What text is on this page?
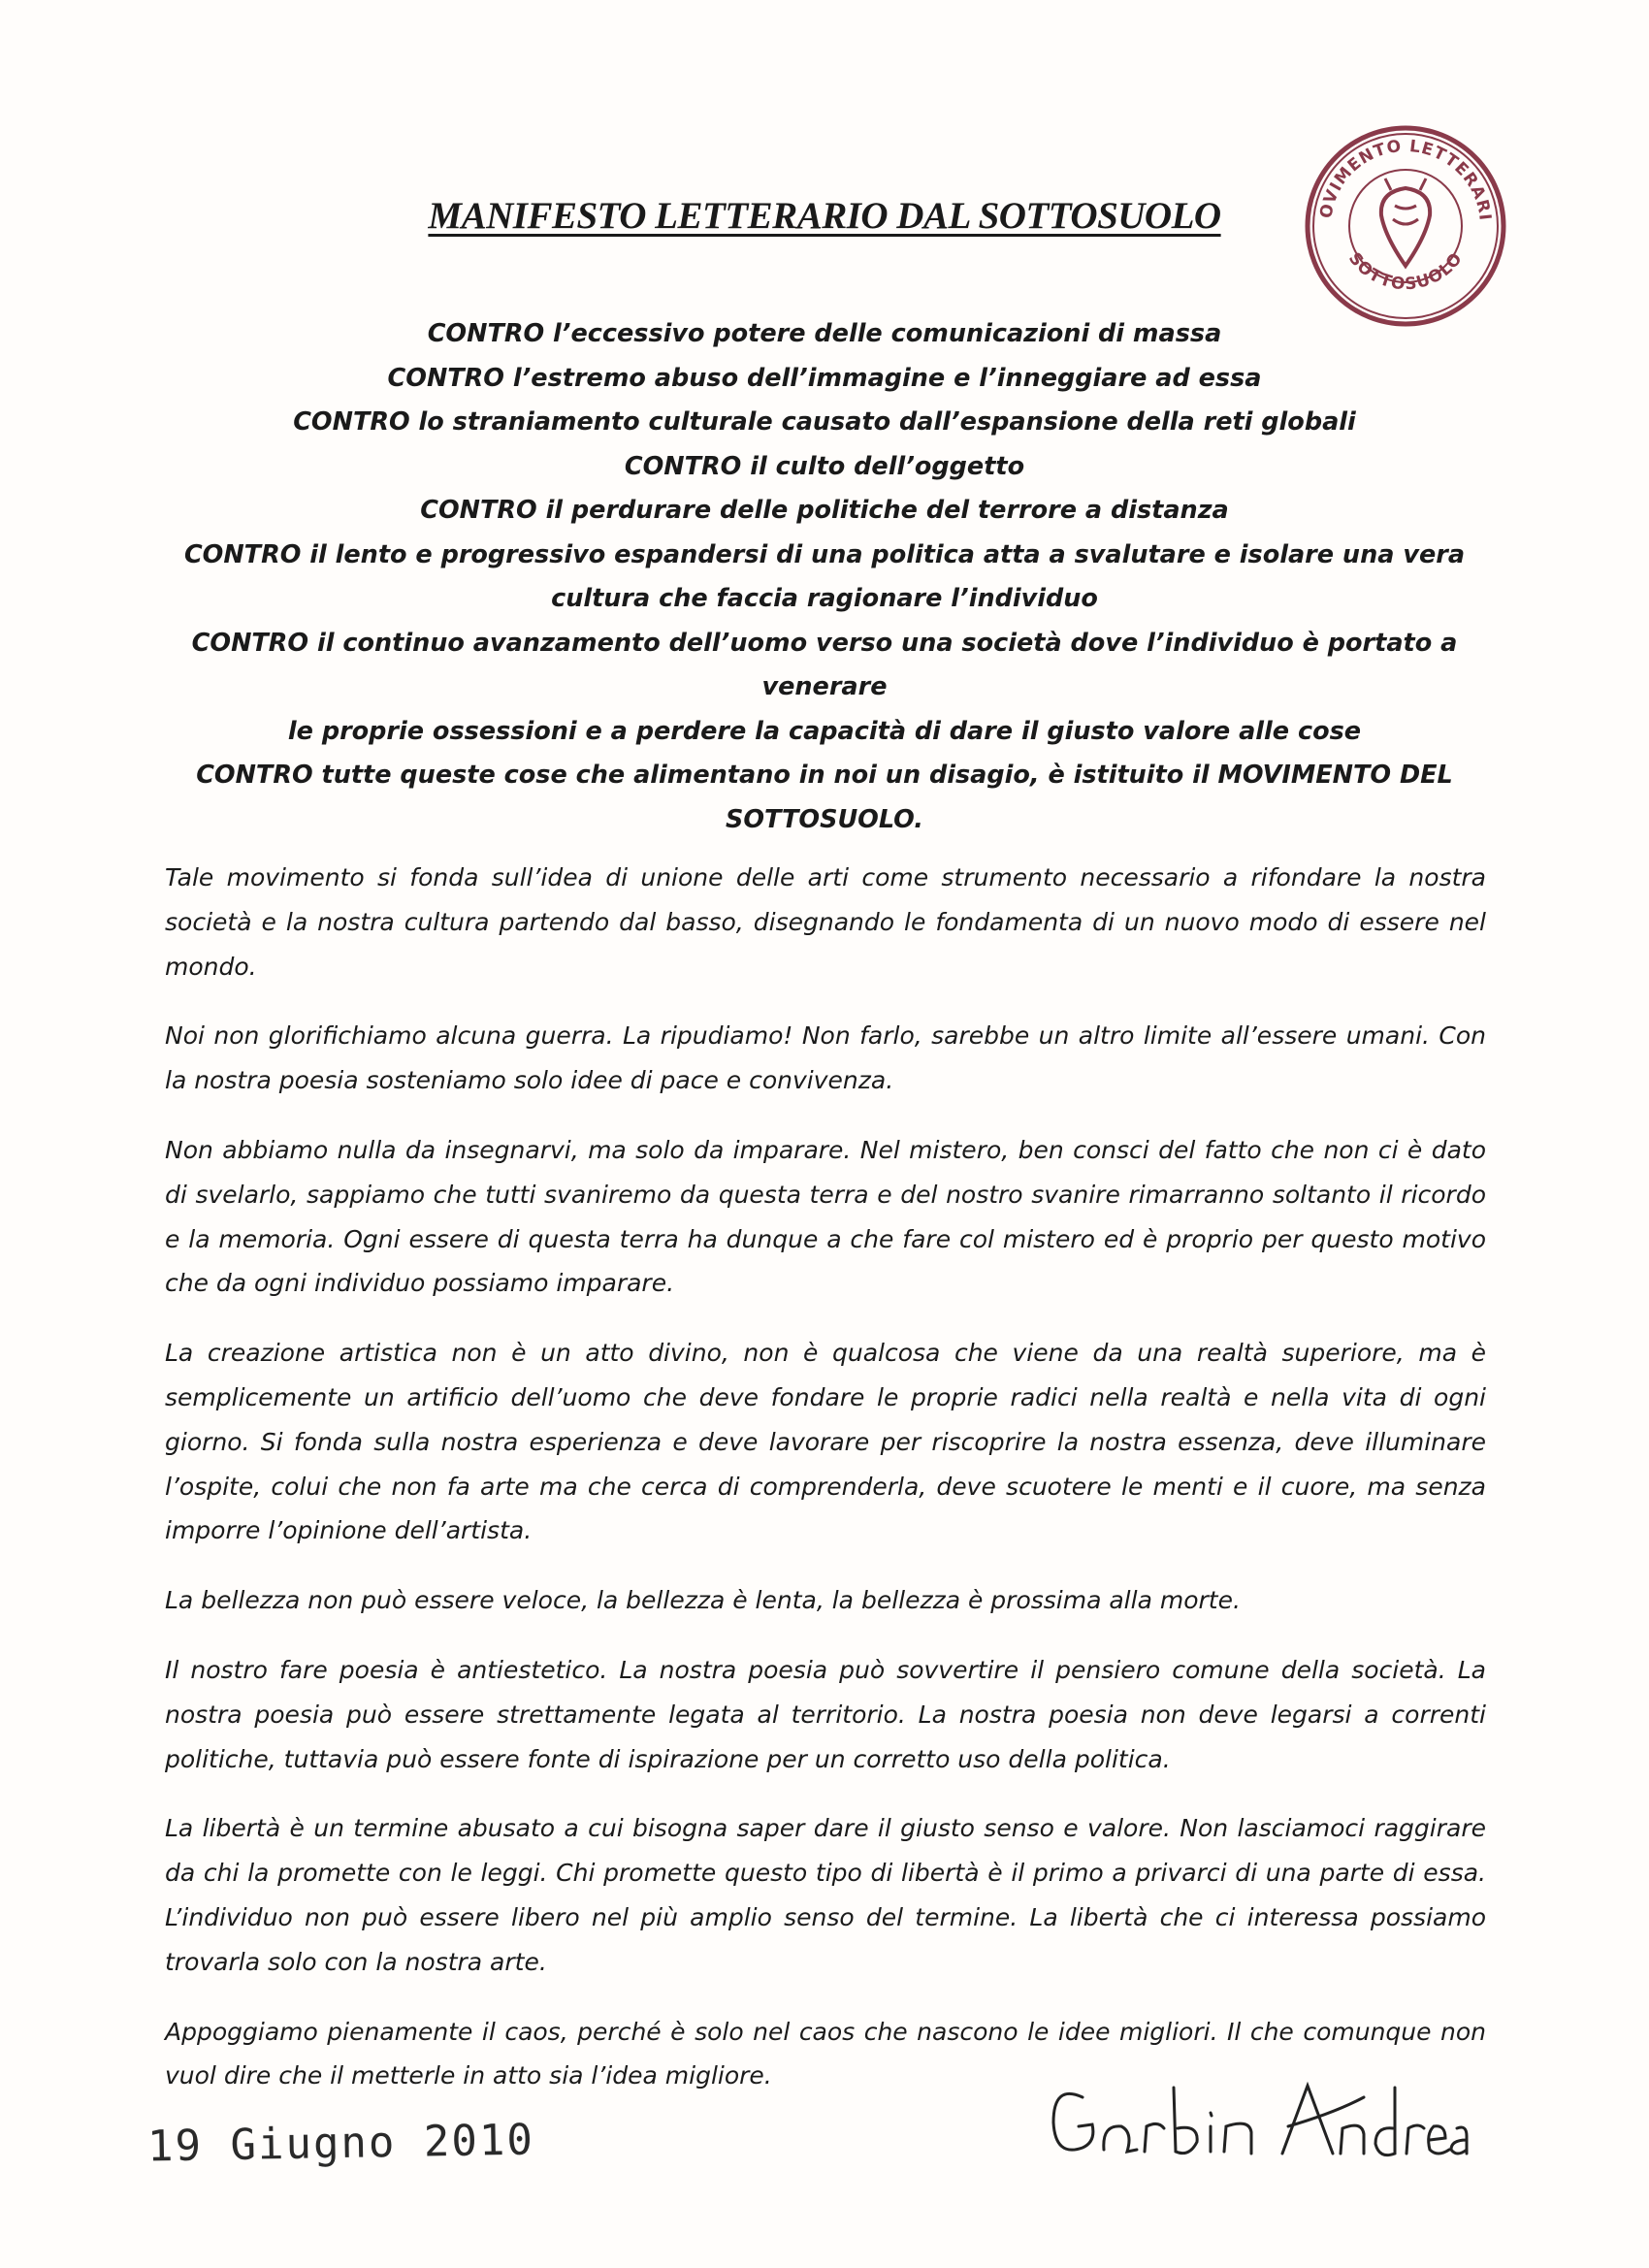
MANIFESTO LETTERARIO DAL SOTTOSUOLO	OVIMENTO LETTERARI
SOTTOSUOLO
CONTRO l’eccessivo potere delle comunicazioni di massa
CONTRO l’estremo abuso dell’immagine e l’inneggiare ad essa
CONTRO lo straniamento culturale causato dall’espansione della reti globali
CONTRO il culto dell’oggetto
CONTRO il perdurare delle politiche del terrore a distanza
CONTRO il lento e progressivo espandersi di una politica atta a svalutare e isolare una vera
cultura che faccia ragionare l’individuo
CONTRO il continuo avanzamento dell’uomo verso una società dove l’individuo è portato a venerare
le proprie ossessioni e a perdere la capacità di dare il giusto valore alle cose
CONTRO tutte queste cose che alimentano in noi un disagio, è istituito il MOVIMENTO DEL
SOTTOSUOLO.

Tale movimento si fonda sull’idea di unione delle arti come strumento necessario a rifondare la nostra società e la nostra cultura partendo dal basso, disegnando le fondamenta di un nuovo modo di essere nel mondo.

Noi non glorifichiamo alcuna guerra. La ripudiamo! Non farlo, sarebbe un altro limite all’essere umani. Con la nostra poesia sosteniamo solo idee di pace e convivenza.

Non abbiamo nulla da insegnarvi, ma solo da imparare. Nel mistero, ben consci del fatto che non ci è dato di svelarlo, sappiamo che tutti svaniremo da questa terra e del nostro svanire rimarranno soltanto il ricordo e la memoria. Ogni essere di questa terra ha dunque a che fare col mistero ed è proprio per questo motivo che da ogni individuo possiamo imparare.

La creazione artistica non è un atto divino, non è qualcosa che viene da una realtà superiore, ma è semplicemente un artificio dell’uomo che deve fondare le proprie radici nella realtà e nella vita di ogni giorno. Si fonda sulla nostra esperienza e deve lavorare per riscoprire la nostra essenza, deve illuminare l’ospite, colui che non fa arte ma che cerca di comprenderla, deve scuotere le menti e il cuore, ma senza imporre l’opinione dell’artista.

La bellezza non può essere veloce, la bellezza è lenta, la bellezza è prossima alla morte.

Il nostro fare poesia è antiestetico. La nostra poesia può sovvertire il pensiero comune della società. La nostra poesia può essere strettamente legata al territorio. La nostra poesia non deve legarsi a correnti politiche, tuttavia può essere fonte di ispirazione per un corretto uso della politica.

La libertà è un termine abusato a cui bisogna saper dare il giusto senso e valore. Non lasciamoci raggirare da chi la promette con le leggi. Chi promette questo tipo di libertà è il primo a privarci di una parte di essa. L’individuo non può essere libero nel più amplio senso del termine. La libertà che ci interessa possiamo trovarla solo con la nostra arte.

Appoggiamo pienamente il caos, perché è solo nel caos che nascono le idee migliori. Il che comunque non vuol dire che il metterle in atto sia l’idea migliore.

19 Giugno 2010
